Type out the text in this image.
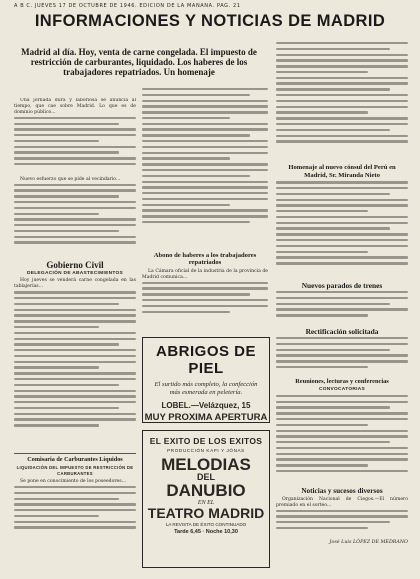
A B C. JUEVES 17 DE OCTUBRE DE 1946. EDICION DE LA MAÑANA. PAG. 21
INFORMACIONES Y NOTICIAS DE MADRID
Madrid al día. Hoy, venta de carne congelada. El impuesto de restricción de carburantes, liquidado. Los haberes de los trabajadores repatriados. Un homenaje

Una jornada dura y laboriosa se anuncia al tiempo, que cae sobre Madrid. Lo que es de dominio público...

Nuevo esfuerzo que se pide al vecindario...

Gobierno Civil
DELEGACIÓN DE ABASTECIMIENTOS

Hoy jueves se venderá carne congelada en las tablajerías...

Comisaria de Carburantes Líquidos
LIQUIDACIÓN DEL IMPUESTO DE RESTRICCIÓN DE CARBURANTES

Se pone en conocimiento de los poseedores...

Abono de haberes a los trabajadores repatriados

La Cámara oficial de la industria de la provincia de Madrid comunica...

ABRIGOS DE PIEL
El surtido más completo, la confección más esmerada en peletería.
LOBEL.—Velázquez, 15
MUY PROXIMA APERTURA
EL EXITO DE LOS EXITOS
PRODUCCIÓN KAPI Y JÓNAS
MELODIAS
DEL
DANUBIO
EN EL
TEATRO MADRID
LA REVISTA DE ÉXITO CONTINUADO
Tarde 6,45 · Noche 10,30
Homenaje al nuevo cónsul del Perú en Madrid, Sr. Miranda Nieto
Nuevos parados de trenes
Rectificación solicitada
Reuniones, lecturas y conferencias
CONVOCATORIAS
Noticias y sucesos diversos

Organización Nacional de Ciegos.—El número premiado en el sorteo...

José Luis LÓPEZ DE MEDRANO
